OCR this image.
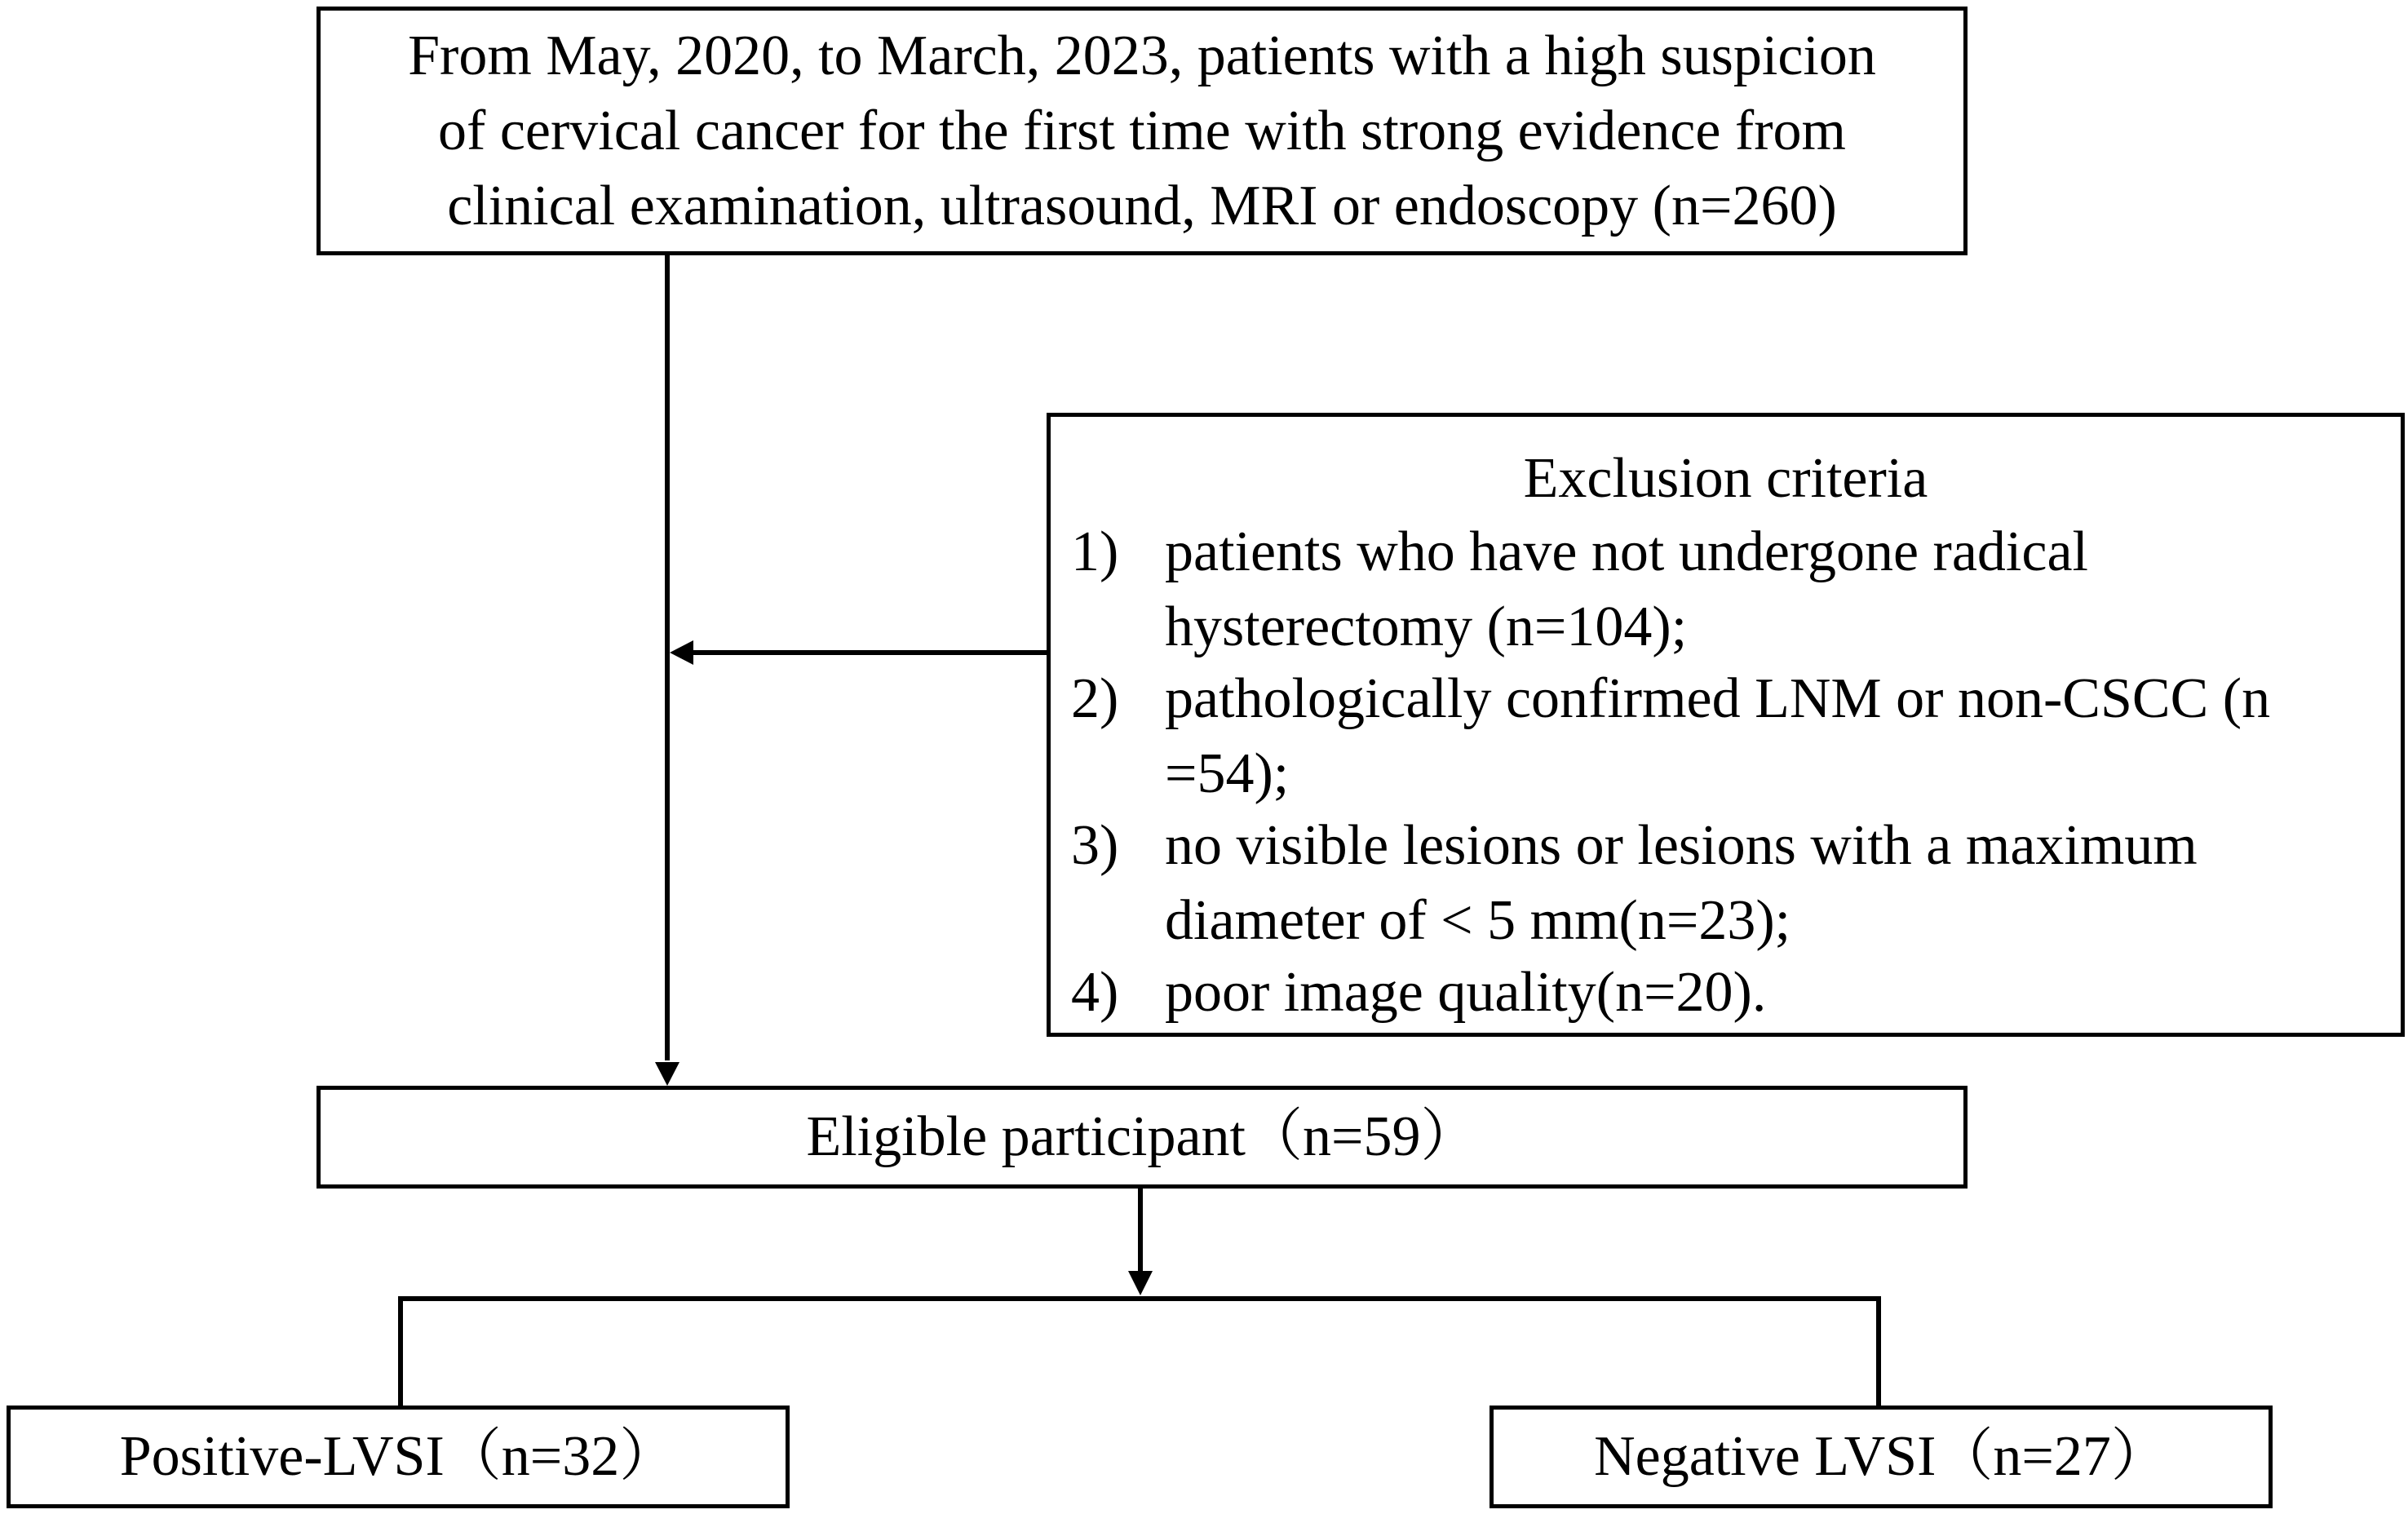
From May, 2020, to March, 2023, patients with a high suspicion
of cervical cancer for the first time with strong evidence from
clinical examination, ultrasound, MRI or endoscopy (n=260)
Exclusion criteria
1) patients who have not undergone radical
hysterectomy (n=104);
2) pathologically confirmed LNM or non-CSCC (n
=54);
3) no visible lesions or lesions with a maximum
diameter of < 5 mm(n=23);
4) poor image quality(n=20).
Eligible participant（n=59）
Positive-LVSI（n=32）	Negative LVSI（n=27）
